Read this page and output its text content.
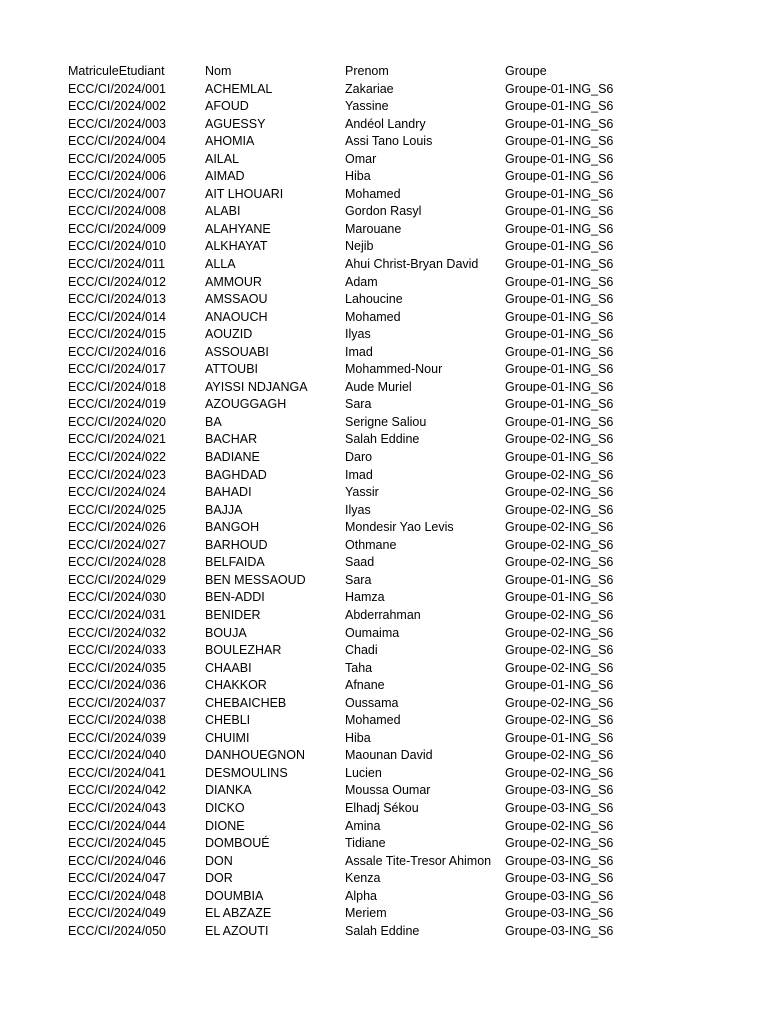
MatriculeEtudiant	Nom	Prenom	Groupe
ECC/CI/2024/001	ACHEMLAL	Zakariae	Groupe-01-ING_S6
ECC/CI/2024/002	AFOUD	Yassine	Groupe-01-ING_S6
ECC/CI/2024/003	AGUESSY	Andéol Landry	Groupe-01-ING_S6
ECC/CI/2024/004	AHOMIA	Assi Tano Louis	Groupe-01-ING_S6
ECC/CI/2024/005	AILAL	Omar	Groupe-01-ING_S6
ECC/CI/2024/006	AIMAD	Hiba	Groupe-01-ING_S6
ECC/CI/2024/007	AIT LHOUARI	Mohamed	Groupe-01-ING_S6
ECC/CI/2024/008	ALABI	Gordon Rasyl	Groupe-01-ING_S6
ECC/CI/2024/009	ALAHYANE	Marouane	Groupe-01-ING_S6
ECC/CI/2024/010	ALKHAYAT	Nejib	Groupe-01-ING_S6
ECC/CI/2024/011	ALLA	Ahui Christ-Bryan David	Groupe-01-ING_S6
ECC/CI/2024/012	AMMOUR	Adam	Groupe-01-ING_S6
ECC/CI/2024/013	AMSSAOU	Lahoucine	Groupe-01-ING_S6
ECC/CI/2024/014	ANAOUCH	Mohamed	Groupe-01-ING_S6
ECC/CI/2024/015	AOUZID	Ilyas	Groupe-01-ING_S6
ECC/CI/2024/016	ASSOUABI	Imad	Groupe-01-ING_S6
ECC/CI/2024/017	ATTOUBI	Mohammed-Nour	Groupe-01-ING_S6
ECC/CI/2024/018	AYISSI NDJANGA	Aude Muriel	Groupe-01-ING_S6
ECC/CI/2024/019	AZOUGGAGH	Sara	Groupe-01-ING_S6
ECC/CI/2024/020	BA	Serigne Saliou	Groupe-01-ING_S6
ECC/CI/2024/021	BACHAR	Salah Eddine	Groupe-02-ING_S6
ECC/CI/2024/022	BADIANE	Daro	Groupe-01-ING_S6
ECC/CI/2024/023	BAGHDAD	Imad	Groupe-02-ING_S6
ECC/CI/2024/024	BAHADI	Yassir	Groupe-02-ING_S6
ECC/CI/2024/025	BAJJA	Ilyas	Groupe-02-ING_S6
ECC/CI/2024/026	BANGOH	Mondesir Yao Levis	Groupe-02-ING_S6
ECC/CI/2024/027	BARHOUD	Othmane	Groupe-02-ING_S6
ECC/CI/2024/028	BELFAIDA	Saad	Groupe-02-ING_S6
ECC/CI/2024/029	BEN MESSAOUD	Sara	Groupe-01-ING_S6
ECC/CI/2024/030	BEN-ADDI	Hamza	Groupe-01-ING_S6
ECC/CI/2024/031	BENIDER	Abderrahman	Groupe-02-ING_S6
ECC/CI/2024/032	BOUJA	Oumaima	Groupe-02-ING_S6
ECC/CI/2024/033	BOULEZHAR	Chadi	Groupe-02-ING_S6
ECC/CI/2024/035	CHAABI	Taha	Groupe-02-ING_S6
ECC/CI/2024/036	CHAKKOR	Afnane	Groupe-01-ING_S6
ECC/CI/2024/037	CHEBAICHEB	Oussama	Groupe-02-ING_S6
ECC/CI/2024/038	CHEBLI	Mohamed	Groupe-02-ING_S6
ECC/CI/2024/039	CHUIMI	Hiba	Groupe-01-ING_S6
ECC/CI/2024/040	DANHOUEGNON	Maounan David	Groupe-02-ING_S6
ECC/CI/2024/041	DESMOULINS	Lucien	Groupe-02-ING_S6
ECC/CI/2024/042	DIANKA	Moussa Oumar	Groupe-03-ING_S6
ECC/CI/2024/043	DICKO	Elhadj Sékou	Groupe-03-ING_S6
ECC/CI/2024/044	DIONE	Amina	Groupe-02-ING_S6
ECC/CI/2024/045	DOMBOUÉ	Tidiane	Groupe-02-ING_S6
ECC/CI/2024/046	DON	Assale Tite-Tresor Ahimon	Groupe-03-ING_S6
ECC/CI/2024/047	DOR	Kenza	Groupe-03-ING_S6
ECC/CI/2024/048	DOUMBIA	Alpha	Groupe-03-ING_S6
ECC/CI/2024/049	EL ABZAZE	Meriem	Groupe-03-ING_S6
ECC/CI/2024/050	EL AZOUTI	Salah Eddine	Groupe-03-ING_S6
